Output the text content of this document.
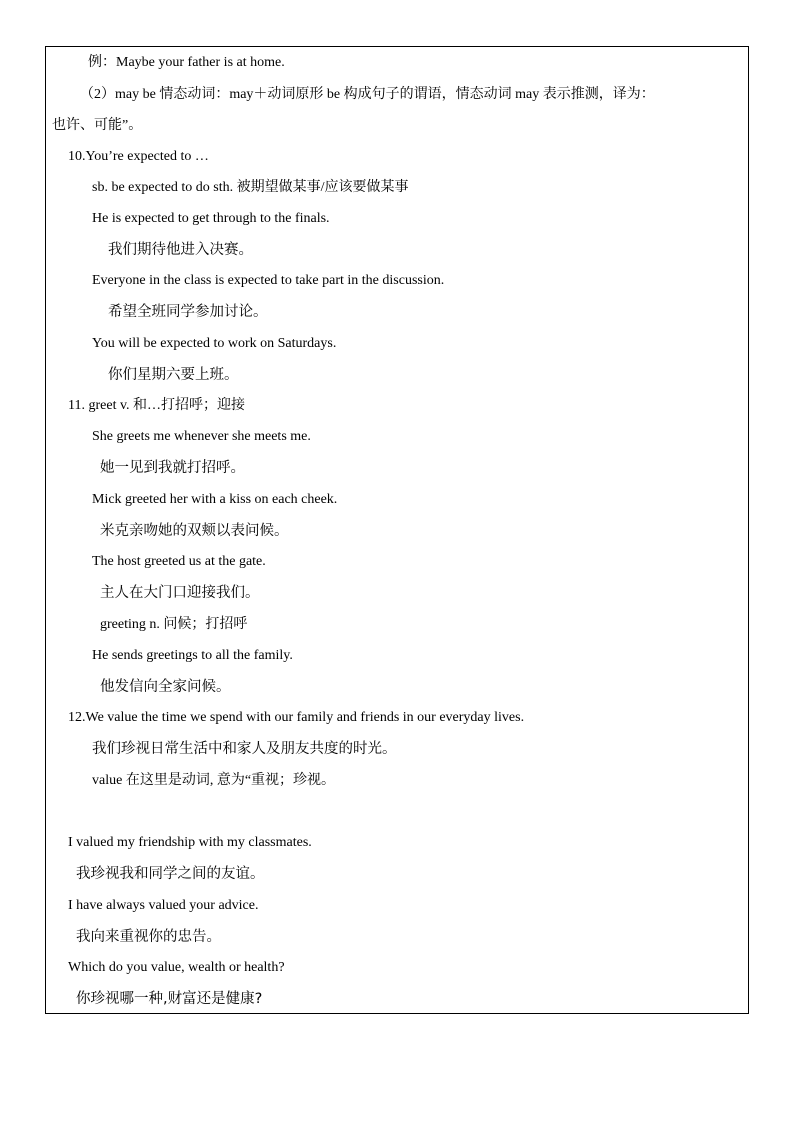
例：Maybe your father is at home.
（2）may be 情态动词：may＋动词原形 be 构成句子的谓语，情态动词 may 表示推测，译为：
也许、可能”。
10.You’re expected to …
sb. be expected to do sth. 被期望做某事/应该要做某事
He is expected to get through to the finals.
我们期待他进入决赛。
Everyone in the class is expected to take part in the discussion.
希望全班同学参加讨论。
You will be expected to work on Saturdays.
你们星期六要上班。
11. greet v. 和…打招呼；迎接
She greets me whenever she meets me.
她一见到我就打招呼。
Mick greeted her with a kiss on each cheek.
米克亲吻她的双颊以表问候。
The host greeted us at the gate.
主人在大门口迎接我们。
greeting n. 问候；打招呼
He sends greetings to all the family.
他发信向全家问候。
12.We value the time we spend with our family and friends in our everyday lives.
我们珍视日常生活中和家人及朋友共度的时光。
value 在这里是动词, 意为“重视；珍视。
I valued my friendship with my classmates.
我珍视我和同学之间的友谊。
I have always valued your advice.
我向来重视你的忠告。
Which do you value, wealth or health?
你珍视哪一种,财富还是健康?
